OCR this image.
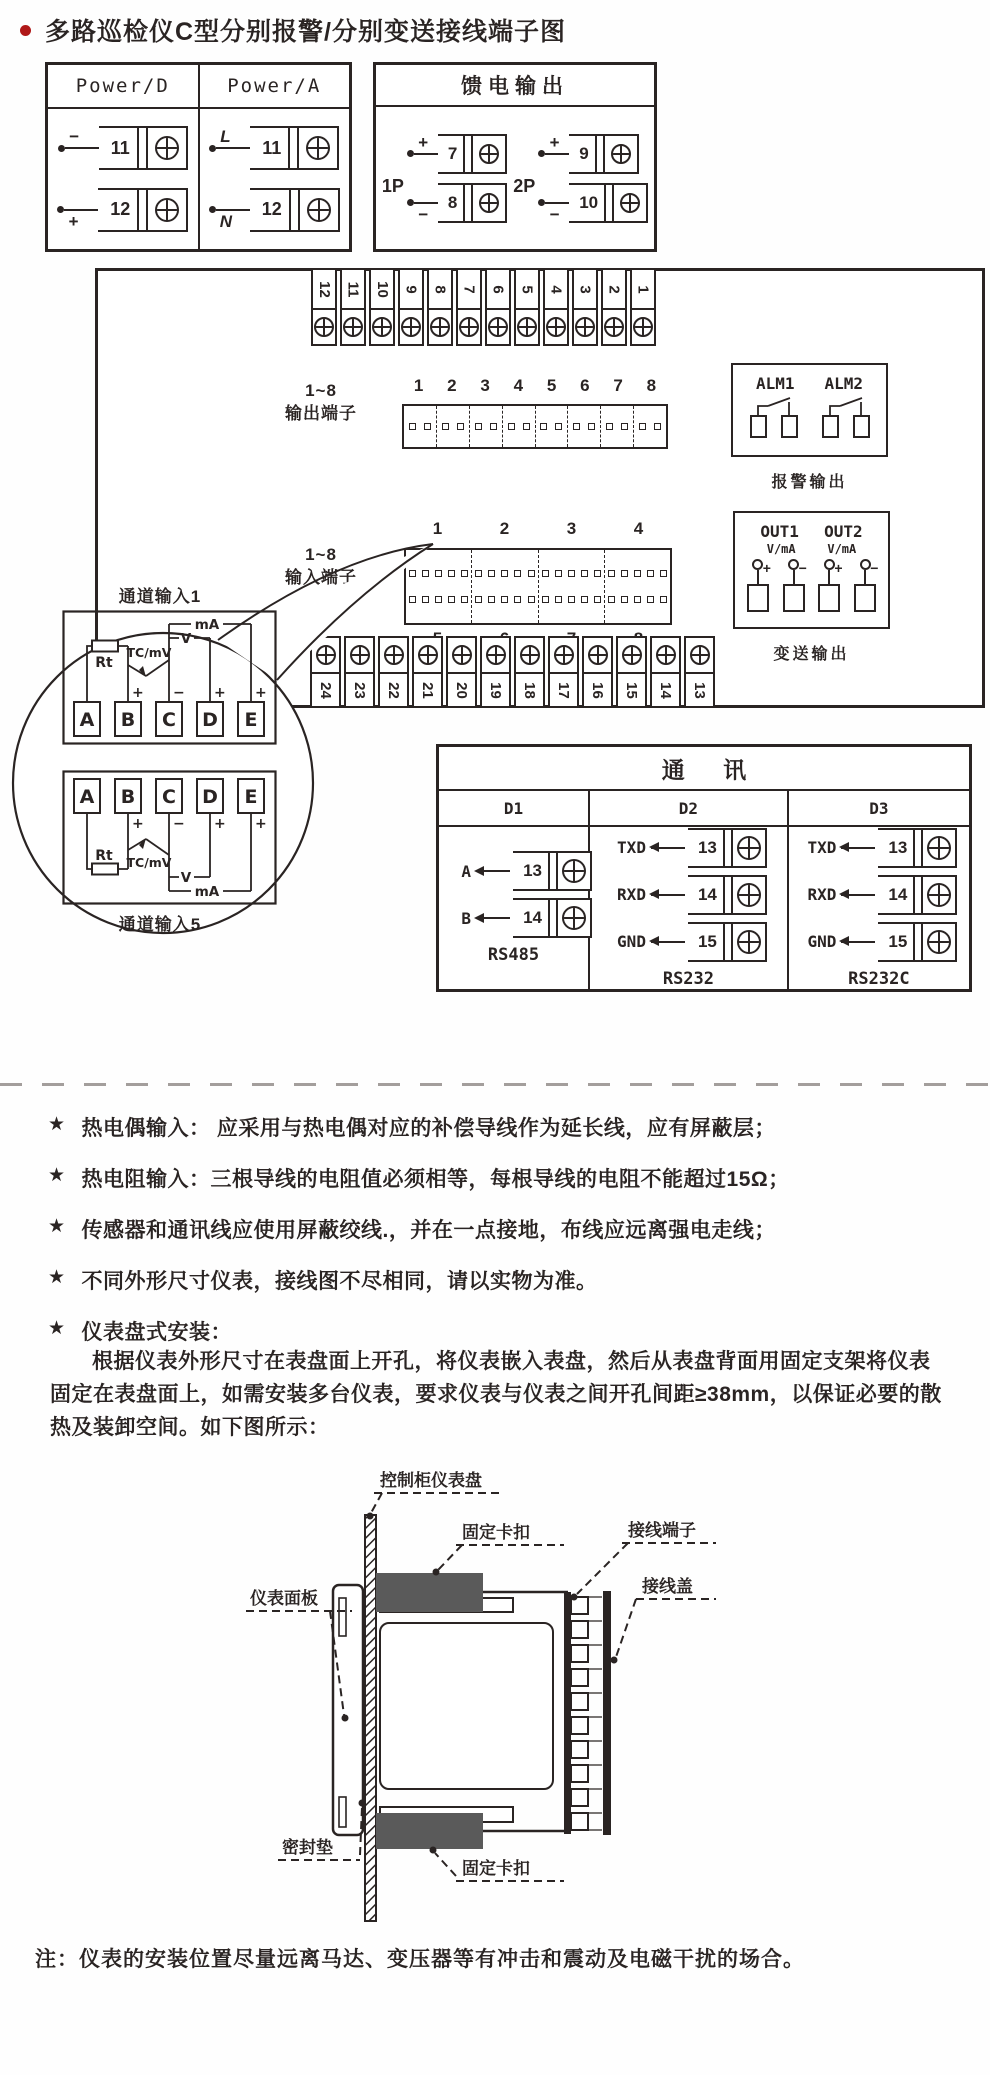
多路巡检仪C型分别报警/分别变送接线端子图
Power/D	Power/A
−
11
+
12
L
11
N
12
馈电输出
1P
+
7
−
8
2P
+
9
−
10
12 11 10 9 8 7 6 5 4 3 2 1
1~8
输出端子
1	2	3	4	5	6	7	8	ALM1 ALM2
报警输出
1~8
输入端子
1	2	3	4	OUT1 OUT2
V/mA	V/mA
+ − + −
变送输出
24 23 22 21 20 19 18 17 16 15 14 13
通道输入1
Rt
TC/mV
V
mA
+ − + +
A B C D E
Rt TC/mV
V
mA
+ − + +
A B C D E
通道输入5
通 讯
D1	D2	D3
A	13
B	14
RS485
TXD	13
RXD	14
GND	15
RS232
TXD	13
RXD	14
GND	15
RS232C
★ 热电偶输入： 应采用与热电偶对应的补偿导线作为延长线，应有屏蔽层；
★ 热电阻输入：三根导线的电阻值必须相等，每根导线的电阻不能超过15Ω；
★ 传感器和通讯线应使用屏蔽绞线.，并在一点接地，布线应远离强电走线；
★ 不同外形尺寸仪表，接线图不尽相同，请以实物为准。
★ 仪表盘式安装：
根据仪表外形尺寸在表盘面上开孔，将仪表嵌入表盘，然后从表盘背面用固定支架将仪表固定在表盘面上，如需安装多台仪表，要求仪表与仪表之间开孔间距≥38mm，以保证必要的散热及装卸空间。如下图所示：
控制柜仪表盘
固定卡扣	接线端子
接线盖
仪表面板
密封垫
固定卡扣
注：仪表的安装位置尽量远离马达、变压器等有冲击和震动及电磁干扰的场合。
